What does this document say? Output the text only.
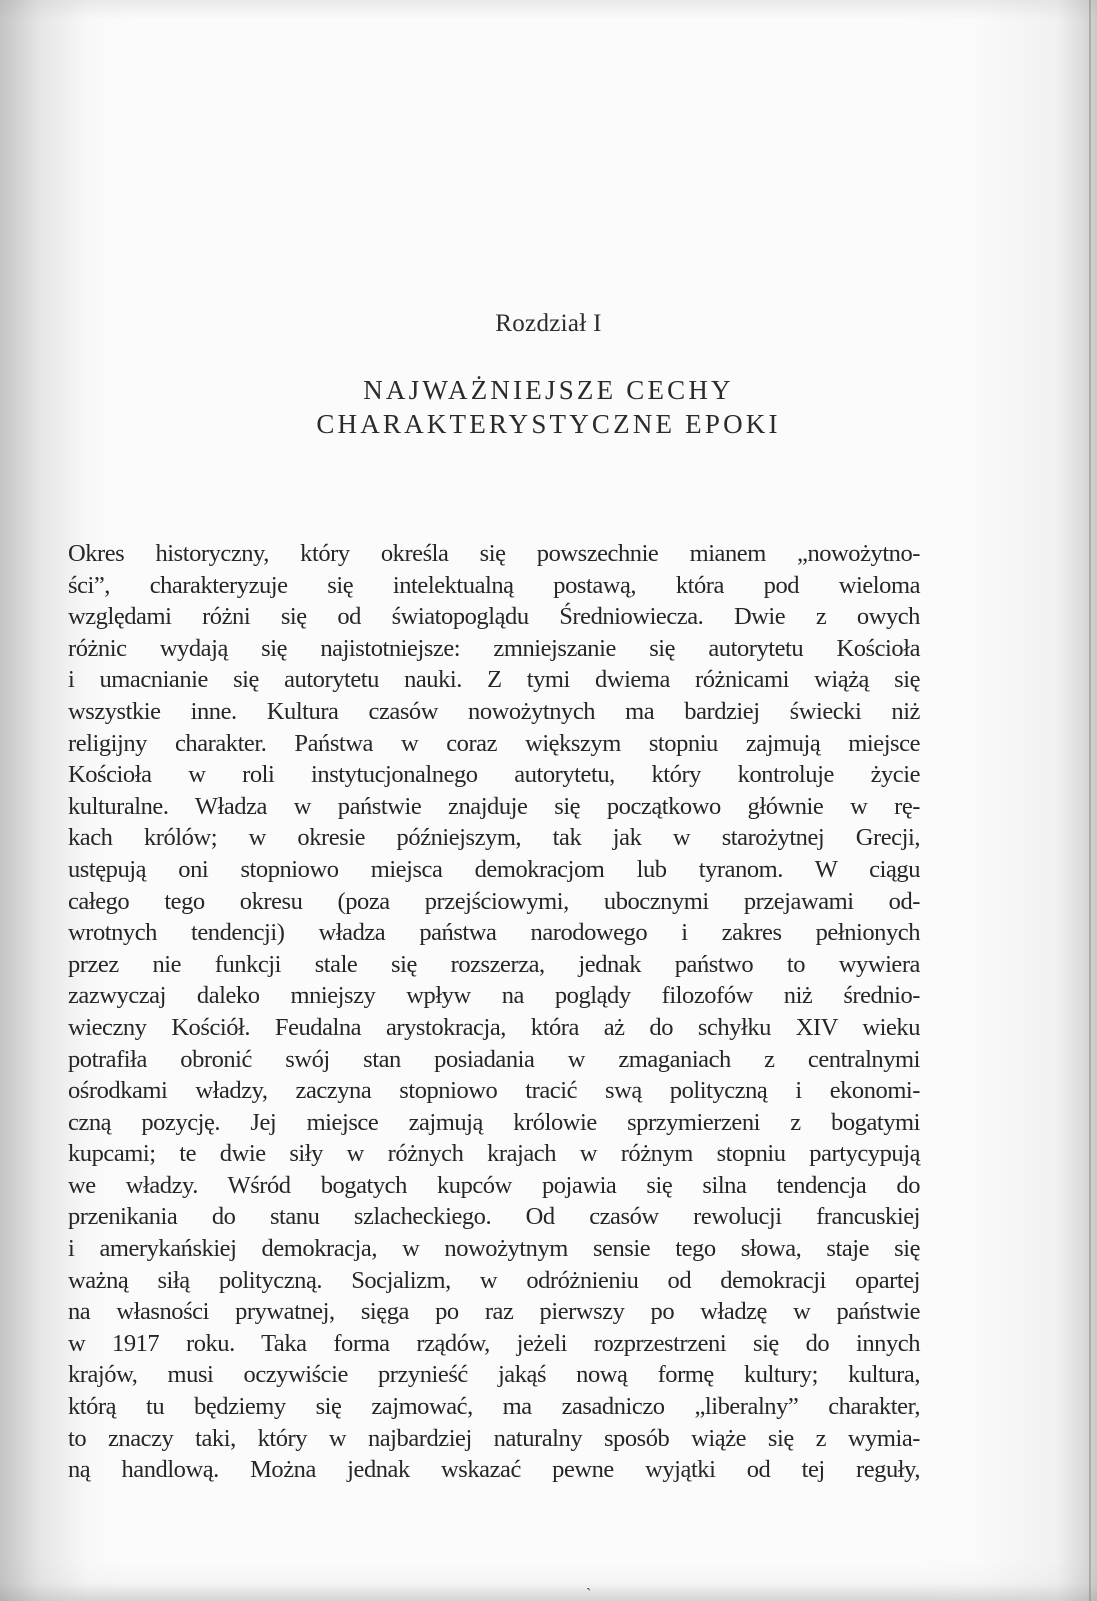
Rozdział I
NAJWAŻNIEJSZE CECHY
CHARAKTERYSTYCZNE EPOKI
Okres historyczny, który określa się powszechnie mianem „nowożytno-
ści”, charakteryzuje się intelektualną postawą, która pod wieloma
względami różni się od światopoglądu Średniowiecza. Dwie z owych
różnic wydają się najistotniejsze: zmniejszanie się autorytetu Kościoła
i umacnianie się autorytetu nauki. Z tymi dwiema różnicami wiążą się
wszystkie inne. Kultura czasów nowożytnych ma bardziej świecki niż
religijny charakter. Państwa w coraz większym stopniu zajmują miejsce
Kościoła w roli instytucjonalnego autorytetu, który kontroluje życie
kulturalne. Władza w państwie znajduje się początkowo głównie w rę-
kach królów; w okresie późniejszym, tak jak w starożytnej Grecji,
ustępują oni stopniowo miejsca demokracjom lub tyranom. W ciągu
całego tego okresu (poza przejściowymi, ubocznymi przejawami od-
wrotnych tendencji) władza państwa narodowego i zakres pełnionych
przez nie funkcji stale się rozszerza, jednak państwo to wywiera
zazwyczaj daleko mniejszy wpływ na poglądy filozofów niż średnio-
wieczny Kościół. Feudalna arystokracja, która aż do schyłku XIV wieku
potrafiła obronić swój stan posiadania w zmaganiach z centralnymi
ośrodkami władzy, zaczyna stopniowo tracić swą polityczną i ekonomi-
czną pozycję. Jej miejsce zajmują królowie sprzymierzeni z bogatymi
kupcami; te dwie siły w różnych krajach w różnym stopniu partycypują
we władzy. Wśród bogatych kupców pojawia się silna tendencja do
przenikania do stanu szlacheckiego. Od czasów rewolucji francuskiej
i amerykańskiej demokracja, w nowożytnym sensie tego słowa, staje się
ważną siłą polityczną. Socjalizm, w odróżnieniu od demokracji opartej
na własności prywatnej, sięga po raz pierwszy po władzę w państwie
w 1917 roku. Taka forma rządów, jeżeli rozprzestrzeni się do innych
krajów, musi oczywiście przynieść jakąś nową formę kultury; kultura,
którą tu będziemy się zajmować, ma zasadniczo „liberalny” charakter,
to znaczy taki, który w najbardziej naturalny sposób wiąże się z wymia-
ną handlową. Można jednak wskazać pewne wyjątki od tej reguły,
ˎ
